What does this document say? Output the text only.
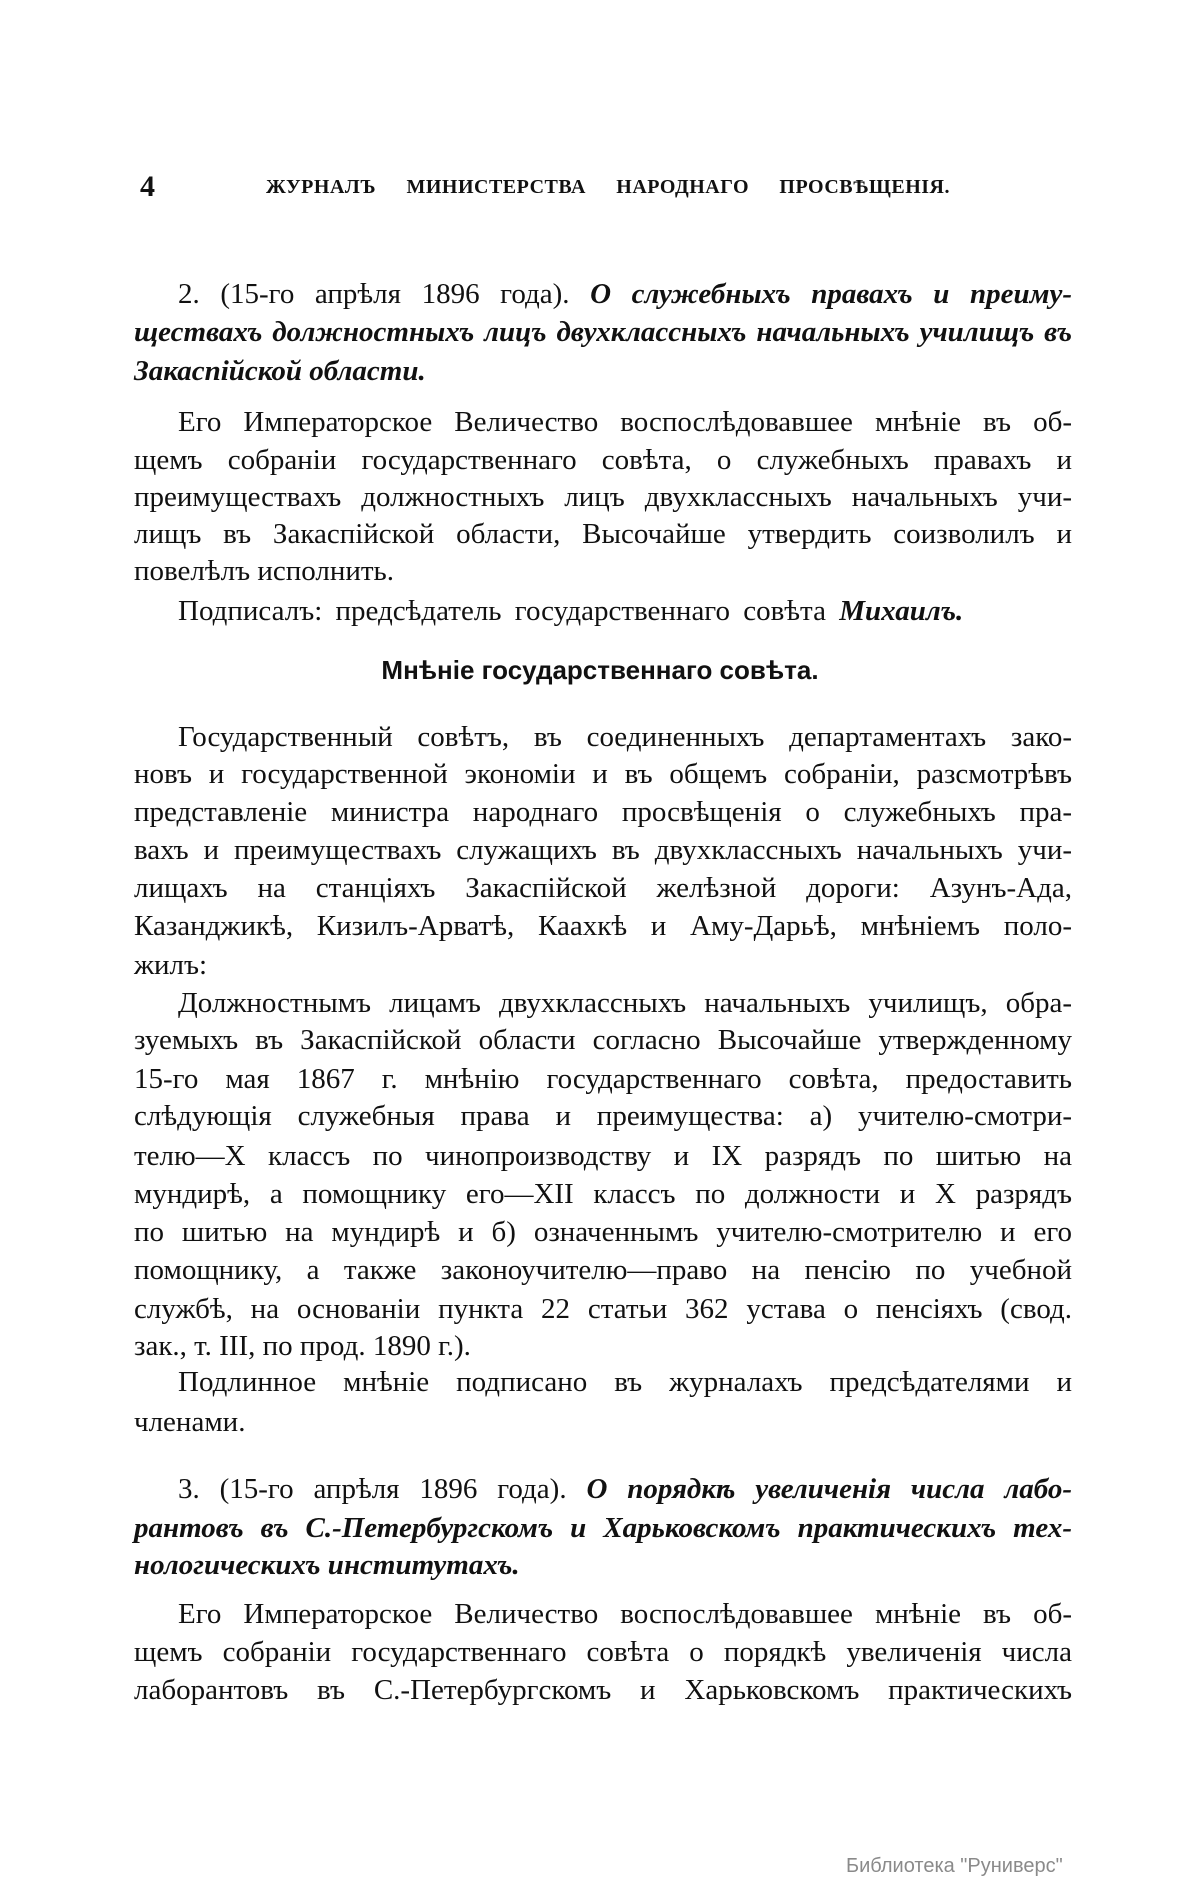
4	ЖУРНАЛЪ МИНИСТЕРСТВА НАРОДНАГО ПРОСВѢЩЕНІЯ.
2. (15-го апрѣля 1896 года). О служебныхъ правахъ и преиму-
ществахъ должностныхъ лицъ двухклассныхъ начальныхъ училищъ въ
Закаспійской области.
Его Императорское Величество воспослѣдовавшее мнѣніе въ об-
щемъ собраніи государственнаго совѣта, о служебныхъ правахъ и
преимуществахъ должностныхъ лицъ двухклассныхъ начальныхъ учи-
лищъ въ Закаспійской области, Высочайше утвердить соизволилъ и
повелѣлъ исполнить.
Подписалъ: предсѣдатель государственнаго совѣта Михаилъ.
Мнѣніе государственнаго совѣта.
Государственный совѣтъ, въ соединенныхъ департаментахъ зако-
новъ и государственной экономіи и въ общемъ собраніи, разсмотрѣвъ
представленіе министра народнаго просвѣщенія о служебныхъ пра-
вахъ и преимуществахъ служащихъ въ двухклассныхъ начальныхъ учи-
лищахъ на станціяхъ Закаспійской желѣзной дороги: Азунъ-Ада,
Казанджикѣ, Кизилъ-Арватѣ, Каахкѣ и Аму-Дарьѣ, мнѣніемъ поло-
жилъ:
Должностнымъ лицамъ двухклассныхъ начальныхъ училищъ, обра-
зуемыхъ въ Закаспійской области согласно Высочайше утвержденному
15-го мая 1867 г. мнѣнію государственнаго совѣта, предоставить
слѣдующія служебныя права и преимущества: а) учителю-смотри-
телю—X классъ по чинопроизводству и IX разрядъ по шитью на
мундирѣ, а помощнику его—XII классъ по должности и X разрядъ
по шитью на мундирѣ и б) означеннымъ учителю-смотрителю и его
помощнику, а также законоучителю—право на пенсію по учебной
службѣ, на основаніи пункта 22 статьи 362 устава о пенсіяхъ (свод.
зак., т. III, по прод. 1890 г.).
Подлинное мнѣніе подписано въ журналахъ предсѣдателями и
членами.
3. (15-го апрѣля 1896 года). О порядкѣ увеличенія числа лабо-
рантовъ въ С.-Петербургскомъ и Харьковскомъ практическихъ тех-
нологическихъ институтахъ.
Его Императорское Величество воспослѣдовавшее мнѣніе въ об-
щемъ собраніи государственнаго совѣта о порядкѣ увеличенія числа
лаборантовъ въ С.-Петербургскомъ и Харьковскомъ практическихъ
Библиотека "Руниверс"
